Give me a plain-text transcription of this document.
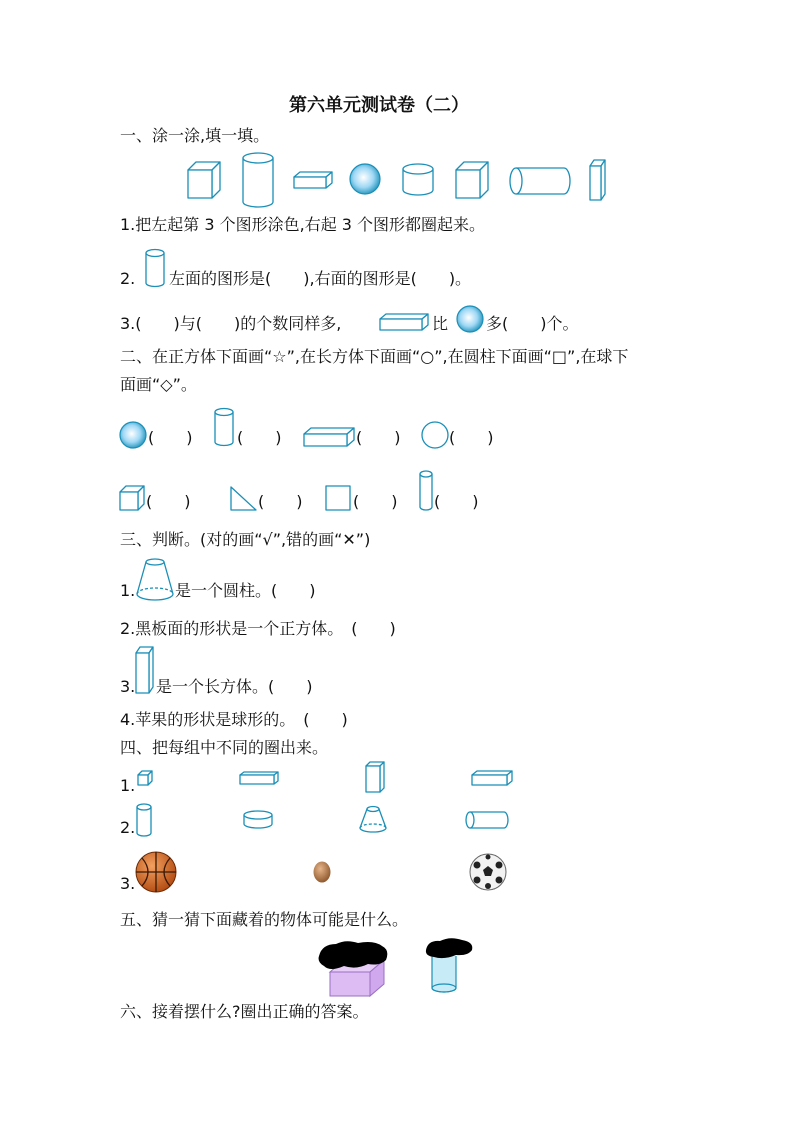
第六单元测试卷（二）
一、涂一涂,填一填。
1.把左起第 3 个图形涂色,右起 3 个图形都圈起来。
2. 左面的图形是(　　),右面的图形是(　　)。
3.(　　)与(　　)的个数同样多,	比 多(　　)个。
二、在正方体下面画“☆”,在长方体下面画“○”,在圆柱下面画“□”,在球下
面画“◇”。
(　　)	(　　)	(　　)	(　　)
(　　)	(　　)	(　　) (　　)
三、判断。(对的画“√”,错的画“✕”)
1. 是一个圆柱。(　　)
2.黑板面的形状是一个正方体。　(　　)
3. 是一个长方体。(　　)
4.苹果的形状是球形的。　(　　)
四、把每组中不同的圈出来。
1.
2.
3.
五、猜一猜下面藏着的物体可能是什么。
六、接着摆什么?圈出正确的答案。
